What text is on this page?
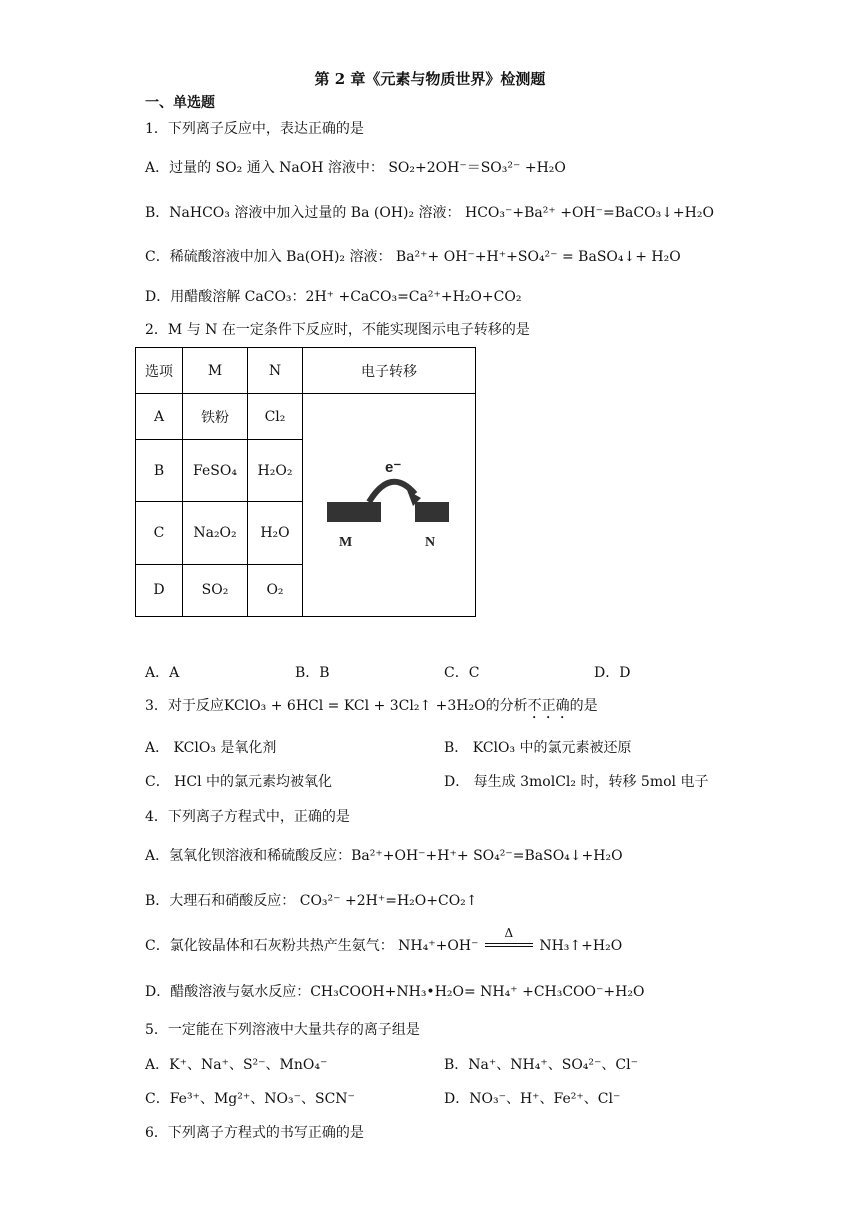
第 2 章《元素与物质世界》检测题
一、单选题
1．下列离子反应中，表达正确的是
A．过量的 SO₂ 通入 NaOH 溶液中： SO₂+2OH⁻＝SO₃²⁻ +H₂O
B．NaHCO₃ 溶液中加入过量的 Ba (OH)₂ 溶液： HCO₃⁻+Ba²⁺ +OH⁻=BaCO₃↓+H₂O
C．稀硫酸溶液中加入 Ba(OH)₂ 溶液： Ba²⁺+ OH⁻+H⁺+SO₄²⁻ = BaSO₄↓+ H₂O
D．用醋酸溶解 CaCO₃：2H⁺ +CaCO₃=Ca²⁺+H₂O+CO₂
2．M 与 N 在一定条件下反应时，不能实现图示电子转移的是
选项	M	N	电子转移
A	铁粉	Cl₂	e⁻
M N

B	FeSO₄	H₂O₂	
C	Na₂O₂	H₂O	
D	SO₂	O₂	
A．A	B．B	C．C	D．D
3．对于反应KClO₃ + 6HCl = KCl + 3Cl₂↑ +3H₂O的分析不正确的是
A． KClO₃ 是氧化剂	B． KClO₃ 中的氯元素被还原
C． HCl 中的氯元素均被氧化	D． 每生成 3molCl₂ 时，转移 5mol 电子
4．下列离子方程式中，正确的是
A．氢氧化钡溶液和稀硫酸反应：Ba²⁺+OH⁻+H⁺+ SO₄²⁻=BaSO₄↓+H₂O
B．大理石和硝酸反应： CO₃²⁻ +2H⁺=H₂O+CO₂↑
C．氯化铵晶体和石灰粉共热产生氨气： NH₄⁺+OH⁻
Δ
NH₃↑+H₂O
D．醋酸溶液与氨水反应：CH₃COOH+NH₃•H₂O= NH₄⁺ +CH₃COO⁻+H₂O
5．一定能在下列溶液中大量共存的离子组是
A．K⁺、Na⁺、S²⁻、MnO₄⁻	B．Na⁺、NH₄⁺、SO₄²⁻、Cl⁻
C．Fe³⁺、Mg²⁺、NO₃⁻、SCN⁻	D．NO₃⁻、H⁺、Fe²⁺、Cl⁻
6．下列离子方程式的书写正确的是
